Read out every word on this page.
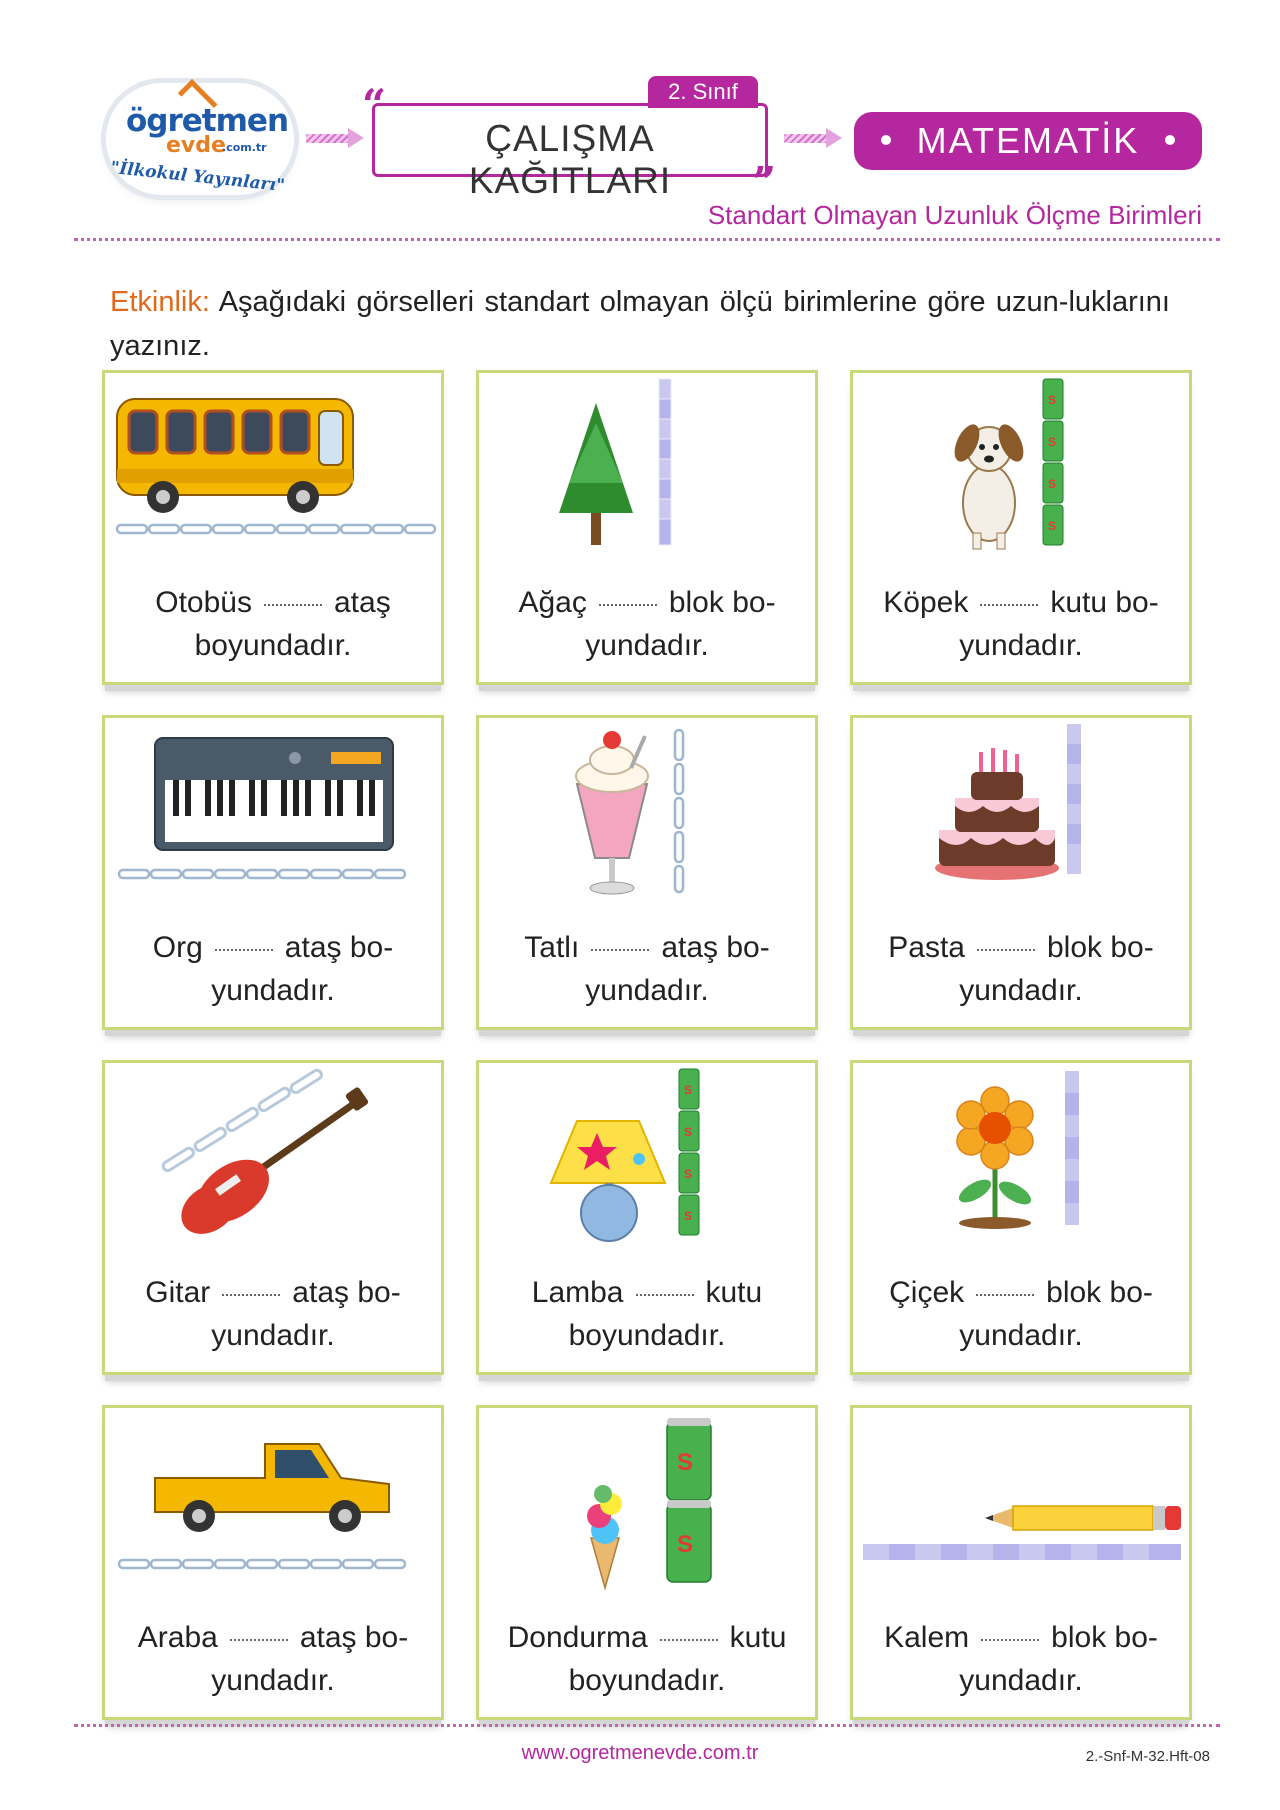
ögretmen
evde
.com.tr
"İlkokul Yayınları"
“
”
2. Sınıf
ÇALIŞMA KAĞITLARI
MATEMATİK
Standart Olmayan Uzunluk Ölçme Birimleri
Etkinlik: Aşağıdaki görselleri standart olmayan ölçü birimlerine göre uzun-luklarını yazınız.
Otobüs	ataş
boyundadır.
Ağaç	blok bo-
yundadır.
S
S
S
S
Köpek	kutu bo-
yundadır.
Org	ataş bo-
yundadır.
Tatlı	ataş bo-
yundadır.
Pasta	blok bo-
yundadır.
Gitar	ataş bo-
yundadır.
S
S
S
S
Lamba	kutu
boyundadır.
Çiçek	blok bo-
yundadır.
Araba	ataş bo-
yundadır.
S
S
Dondurma	kutu
boyundadır.
Kalem	blok bo-
yundadır.
www.ogretmenevde.com.tr	2.-Snf-M-32.Hft-08
